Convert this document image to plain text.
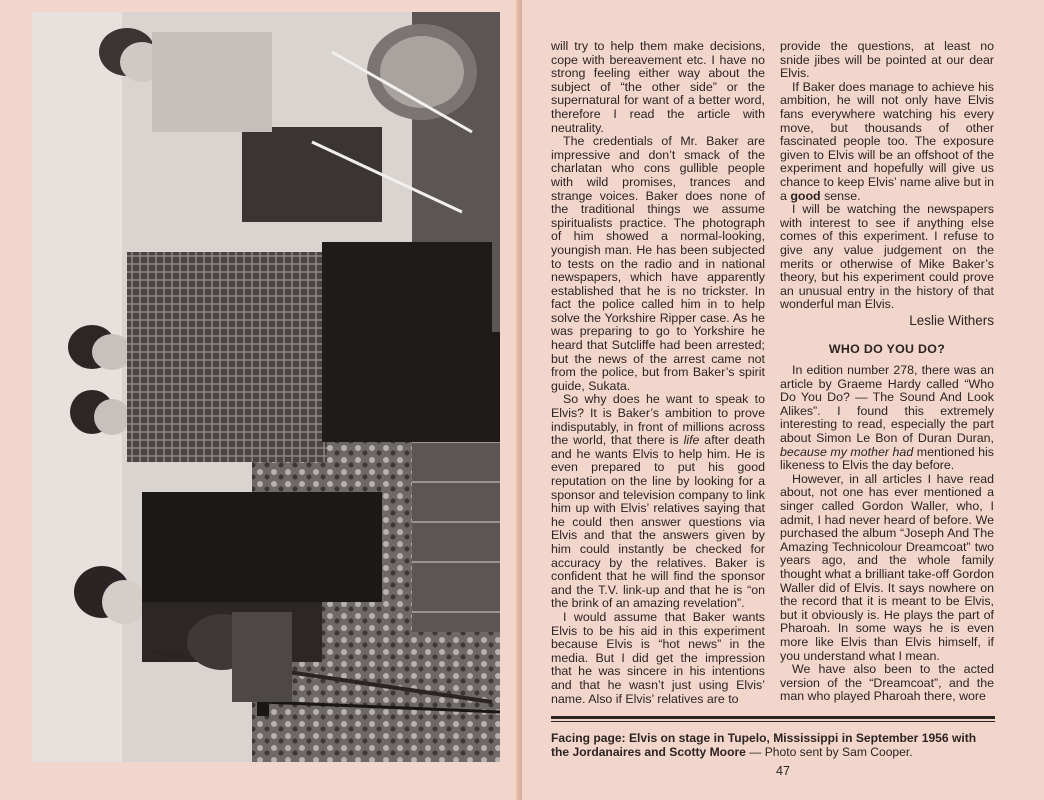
will try to help them make decisions, cope with bereavement etc. I have no strong feeling either way about the subject of “the other side” or the supernatural for want of a better word, therefore I read the article with neutrality.

The credentials of Mr. Baker are impressive and don’t smack of the charlatan who cons gullible people with wild promises, trances and strange voices. Baker does none of the traditional things we assume spiritualists practice. The photograph of him showed a normal-looking, youngish man. He has been subjected to tests on the radio and in national newspapers, which have apparently established that he is no trickster. In fact the police called him in to help solve the Yorkshire Ripper case. As he was preparing to go to Yorkshire he heard that Sutcliffe had been arrested; but the news of the arrest came not from the police, but from Baker’s spirit guide, Sukata.

So why does he want to speak to Elvis? It is Baker’s ambition to prove indisputably, in front of millions across the world, that there is life after death and he wants Elvis to help him. He is even prepared to put his good reputation on the line by looking for a sponsor and television company to link him up with Elvis’ relatives saying that he could then answer questions via Elvis and that the answers given by him could instantly be checked for accuracy by the relatives. Baker is confident that he will find the sponsor and the T.V. link-up and that he is “on the brink of an amazing revelation”.

I would assume that Baker wants Elvis to be his aid in this experiment because Elvis is “hot news” in the media. But I did get the impression that he was sincere in his intentions and that he wasn’t just using Elvis’ name. Also if Elvis’ relatives are to

provide the questions, at least no snide jibes will be pointed at our dear Elvis.

If Baker does manage to achieve his ambition, he will not only have Elvis fans everywhere watching his every move, but thousands of other fascinated people too. The exposure given to Elvis will be an offshoot of the experiment and hopefully will give us chance to keep Elvis’ name alive but in a good sense.

I will be watching the newspapers with interest to see if anything else comes of this experiment. I refuse to give any value judgement on the merits or otherwise of Mike Baker’s theory, but his experiment could prove an unusual entry in the history of that wonderful man Elvis.

Leslie Withers
WHO DO YOU DO?

In edition number 278, there was an article by Graeme Hardy called “Who Do You Do? — The Sound And Look Alikes”. I found this extremely interesting to read, especially the part about Simon Le Bon of Duran Duran, because my mother had mentioned his likeness to Elvis the day before.

However, in all articles I have read about, not one has ever mentioned a singer called Gordon Waller, who, I admit, I had never heard of before. We purchased the album “Joseph And The Amazing Technicolour Dreamcoat” two years ago, and the whole family thought what a brilliant take-off Gordon Waller did of Elvis. It says nowhere on the record that it is meant to be Elvis, but it obviously is. He plays the part of Pharoah. In some ways he is even more like Elvis than Elvis himself, if you understand what I mean.

We have also been to the acted version of the “Dreamcoat”, and the man who played Pharoah there, wore

Facing page: Elvis on stage in Tupelo, Mississippi in September 1956 with the Jordanaires and Scotty Moore — Photo sent by Sam Cooper.
47
